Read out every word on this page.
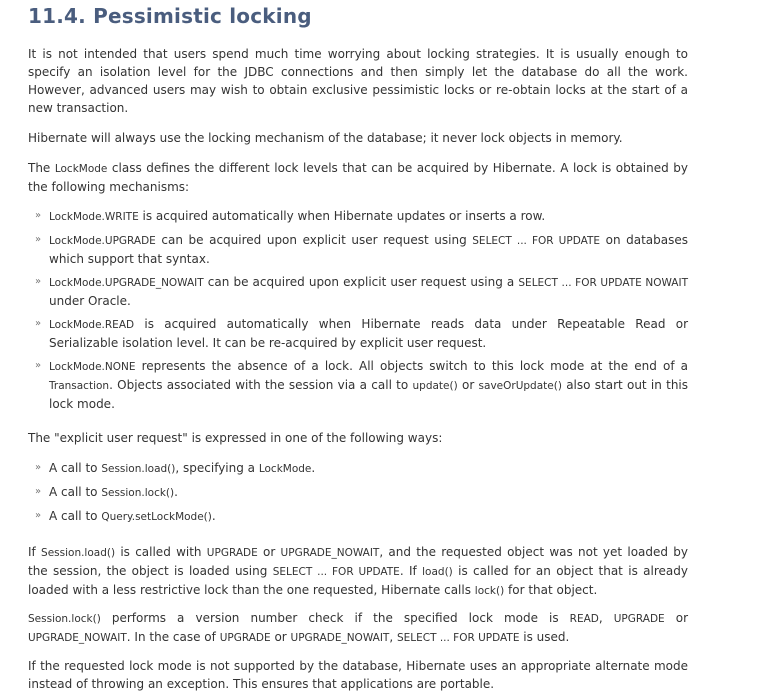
11.4. Pessimistic locking

It is not intended that users spend much time worrying about locking strategies. It is usually enough to specify an isolation level for the JDBC connections and then simply let the database do all the work. However, advanced users may wish to obtain exclusive pessimistic locks or re-obtain locks at the start of a new transaction.

Hibernate will always use the locking mechanism of the database; it never lock objects in memory.

The LockMode class defines the different lock levels that can be acquired by Hibernate. A lock is obtained by the following mechanisms:

» LockMode.WRITE is acquired automatically when Hibernate updates or inserts a row.

» LockMode.UPGRADE can be acquired upon explicit user request using SELECT ... FOR UPDATE on databases which support that syntax.

» LockMode.UPGRADE_NOWAIT can be acquired upon explicit user request using a SELECT ... FOR UPDATE NOWAIT under Oracle.

» LockMode.READ is acquired automatically when Hibernate reads data under Repeatable Read or Serializable isolation level. It can be re-acquired by explicit user request.

» LockMode.NONE represents the absence of a lock. All objects switch to this lock mode at the end of a Transaction. Objects associated with the session via a call to update() or saveOrUpdate() also start out in this lock mode.

The "explicit user request" is expressed in one of the following ways:

» A call to Session.load(), specifying a LockMode.

» A call to Session.lock().

» A call to Query.setLockMode().

If Session.load() is called with UPGRADE or UPGRADE_NOWAIT, and the requested object was not yet loaded by the session, the object is loaded using SELECT ... FOR UPDATE. If load() is called for an object that is already loaded with a less restrictive lock than the one requested, Hibernate calls lock() for that object.

Session.lock() performs a version number check if the specified lock mode is READ, UPGRADE or UPGRADE_NOWAIT. In the case of UPGRADE or UPGRADE_NOWAIT, SELECT ... FOR UPDATE is used.

If the requested lock mode is not supported by the database, Hibernate uses an appropriate alternate mode instead of throwing an exception. This ensures that applications are portable.
